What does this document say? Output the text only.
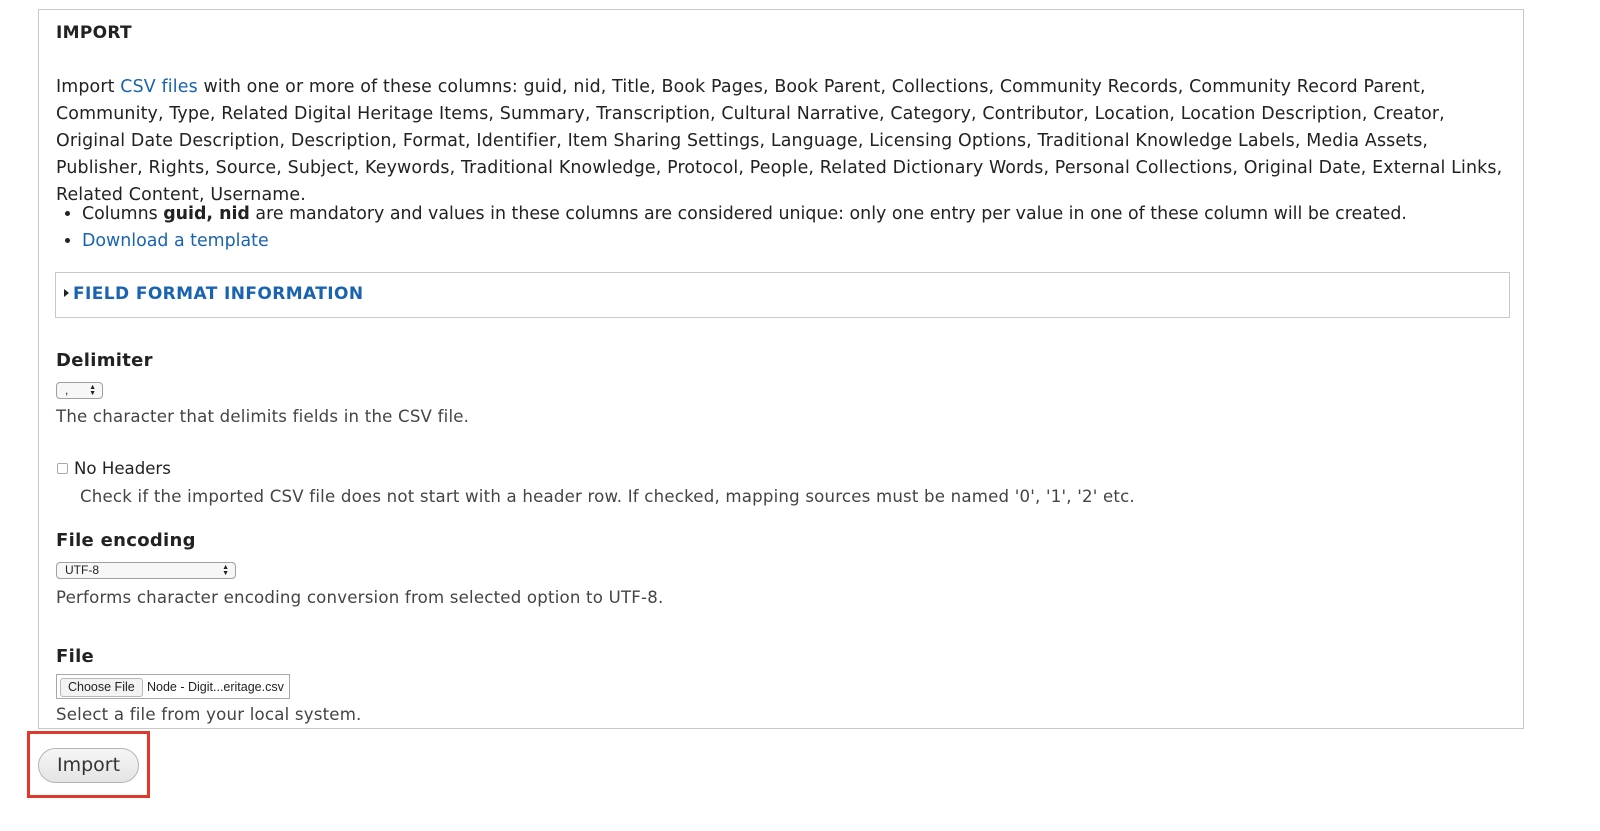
IMPORT
Import CSV files with one or more of these columns: guid, nid, Title, Book Pages, Book Parent, Collections, Community Records, Community Record Parent, Community, Type, Related Digital Heritage Items, Summary, Transcription, Cultural Narrative, Category, Contributor, Location, Location Description, Creator, Original Date Description, Description, Format, Identifier, Item Sharing Settings, Language, Licensing Options, Traditional Knowledge Labels, Media Assets, Publisher, Rights, Source, Subject, Keywords, Traditional Knowledge, Protocol, People, Related Dictionary Words, Personal Collections, Original Date, External Links, Related Content, Username.
• Columns guid, nid are mandatory and values in these columns are considered unique: only one entry per value in one of these column will be created.
• Download a template
FIELD FORMAT INFORMATION
Delimiter
,	▲
▼
The character that delimits fields in the CSV file.
No Headers
Check if the imported CSV file does not start with a header row. If checked, mapping sources must be named '0', '1', '2' etc.
File encoding
UTF-8	▲
▼
Performs character encoding conversion from selected option to UTF-8.
File
Choose File Node - Digit...eritage.csv
Select a file from your local system.
Import
